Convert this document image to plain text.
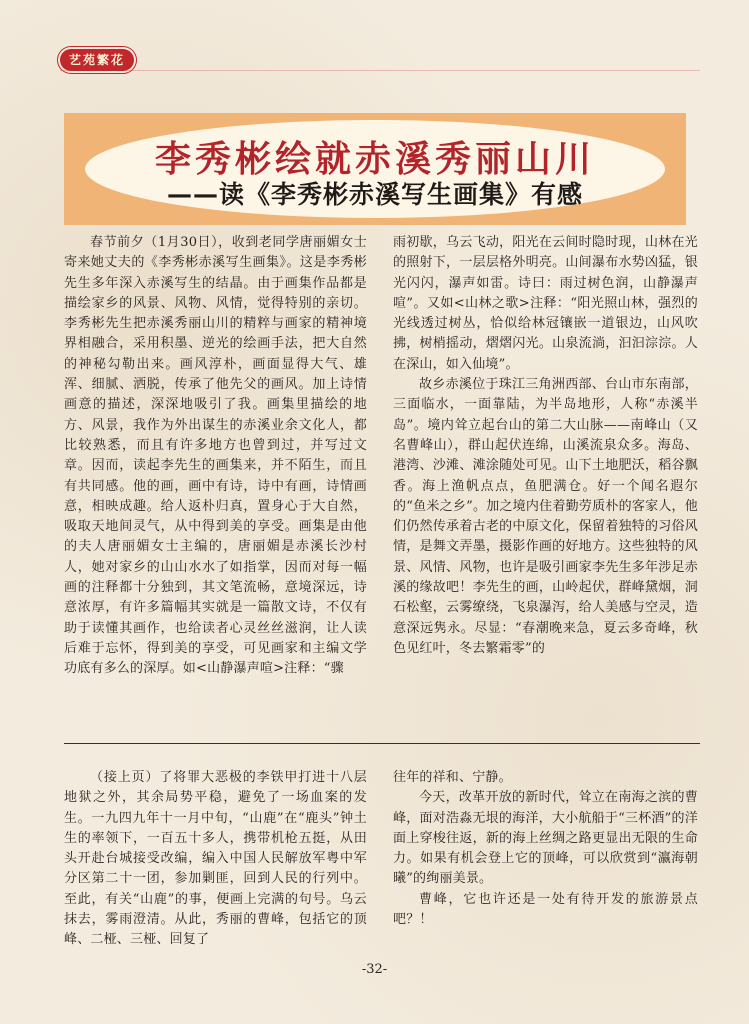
艺苑繁花
李秀彬绘就赤溪秀丽山川
——读《李秀彬赤溪写生画集》有感

春节前夕（1月30日），收到老同学唐丽媚女士寄来她丈夫的《李秀彬赤溪写生画集》。这是李秀彬先生多年深入赤溪写生的结晶。由于画集作品都是描绘家乡的风景、风物、风情，觉得特别的亲切。李秀彬先生把赤溪秀丽山川的精粹与画家的精神境界相融合，采用积墨、逆光的绘画手法，把大自然的神秘勾勒出来。画风淳朴，画面显得大气、雄浑、细腻、洒脱，传承了他先父的画风。加上诗情画意的描述，深深地吸引了我。画集里描绘的地方、风景，我作为外出谋生的赤溪业余文化人，都比较熟悉，而且有许多地方也曾到过，并写过文章。因而，读起李先生的画集来，并不陌生，而且有共同感。他的画，画中有诗，诗中有画，诗情画意，相映成趣。给人返朴归真，置身心于大自然，吸取天地间灵气，从中得到美的享受。画集是由他的夫人唐丽媚女士主编的，唐丽媚是赤溪长沙村人，她对家乡的山山水水了如指掌，因而对每一幅画的注释都十分独到，其文笔流畅，意境深远，诗意浓厚，有许多篇幅其实就是一篇散文诗，不仅有助于读懂其画作，也给读者心灵丝丝滋润，让人读后难于忘怀，得到美的享受，可见画家和主编文学功底有多么的深厚。如<山静瀑声喧>注释：“骤

雨初歇，乌云飞动，阳光在云间时隐时现，山林在光的照射下，一层层格外明亮。山间瀑布水势凶猛，银光闪闪，瀑声如雷。诗曰：雨过树色润，山静瀑声喧”。又如<山林之歌>注释：“阳光照山林，强烈的光线透过树丛，恰似给林冠镶嵌一道银边，山风吹拂，树梢摇动，熠熠闪光。山泉流淌，汩汩淙淙。人在深山，如入仙境”。

故乡赤溪位于珠江三角洲西部、台山市东南部，三面临水，一面靠陆，为半岛地形，人称“赤溪半岛”。境内耸立起台山的第二大山脉——南峰山（又名曹峰山），群山起伏连绵，山溪流泉众多。海岛、港湾、沙滩、滩涂随处可见。山下土地肥沃，稻谷飘香。海上渔帆点点，鱼肥满仓。好一个闻名遐尔的“鱼米之乡”。加之境内住着勤劳质朴的客家人，他们仍然传承着古老的中原文化，保留着独特的习俗风情，是舞文弄墨，摄影作画的好地方。这些独特的风景、风情、风物，也许是吸引画家李先生多年涉足赤溪的缘故吧！李先生的画，山岭起伏，群峰黛烟，洞石松壑，云雾缭绕，飞泉瀑泻，给人美感与空灵，造意深远隽永。尽显：“春潮晚来急，夏云多奇峰，秋色见红叶，冬去繁霜零”的

（接上页）了将罪大恶极的李铁甲打进十八层地狱之外，其余局势平稳，避免了一场血案的发生。一九四九年十一月中旬，“山鹿”在“鹿头”钟土生的率领下，一百五十多人，携带机枪五挺，从田头开赴台城接受改编，编入中国人民解放军粤中军分区第二十一团，参加剿匪，回到人民的行列中。至此，有关“山鹿”的事，便画上完满的句号。乌云抹去，雾雨澄清。从此，秀丽的曹峰，包括它的顶峰、二桠、三桠、回复了

往年的祥和、宁静。

今天，改革开放的新时代，耸立在南海之滨的曹峰，面对浩淼无垠的海洋，大小航船于“三杯酒”的洋面上穿梭往返，新的海上丝绸之路更显出无限的生命力。如果有机会登上它的顶峰，可以欣赏到“瀛海朝曦”的绚丽美景。

曹峰，它也许还是一处有待开发的旅游景点吧？！

-32-
